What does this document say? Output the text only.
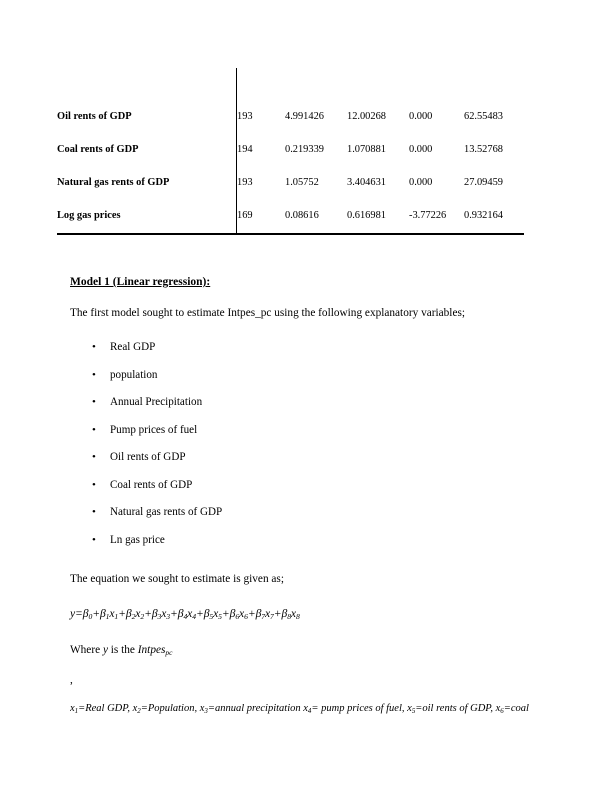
Oil rents of GDP		193	4.991426	12.00268	0.000	62.55483
Coal rents of GDP		194	0.219339	1.070881	0.000	13.52768
Natural gas rents of GDP		193	1.05752	3.404631	0.000	27.09459
Log gas prices		169	0.08616	0.616981	-3.77226	0.932164
Model 1 (Linear regression):
The first model sought to estimate Intpes_pc using the following explanatory variables;
• Real GDP
• population
• Annual Precipitation
• Pump prices of fuel
• Oil rents of GDP
• Coal rents of GDP
• Natural gas rents of GDP
• Ln gas price
The equation we sought to estimate is given as;
$y=\beta_0+\beta_1x_1+\beta_2x_2+\beta_3x_3+\beta_4x_4+\beta_5x_5+\beta_6x_6+\beta_7x_7+\beta_8x_8$
Where y is the Intpes$_{pc}$
,
$x_1=Real$ GDP, $x_2=Population$, $x_3=annual$ precipitation $x_4=$ pump prices of fuel, $x_5=oil$ rents of GDP, $x_6=coal$
